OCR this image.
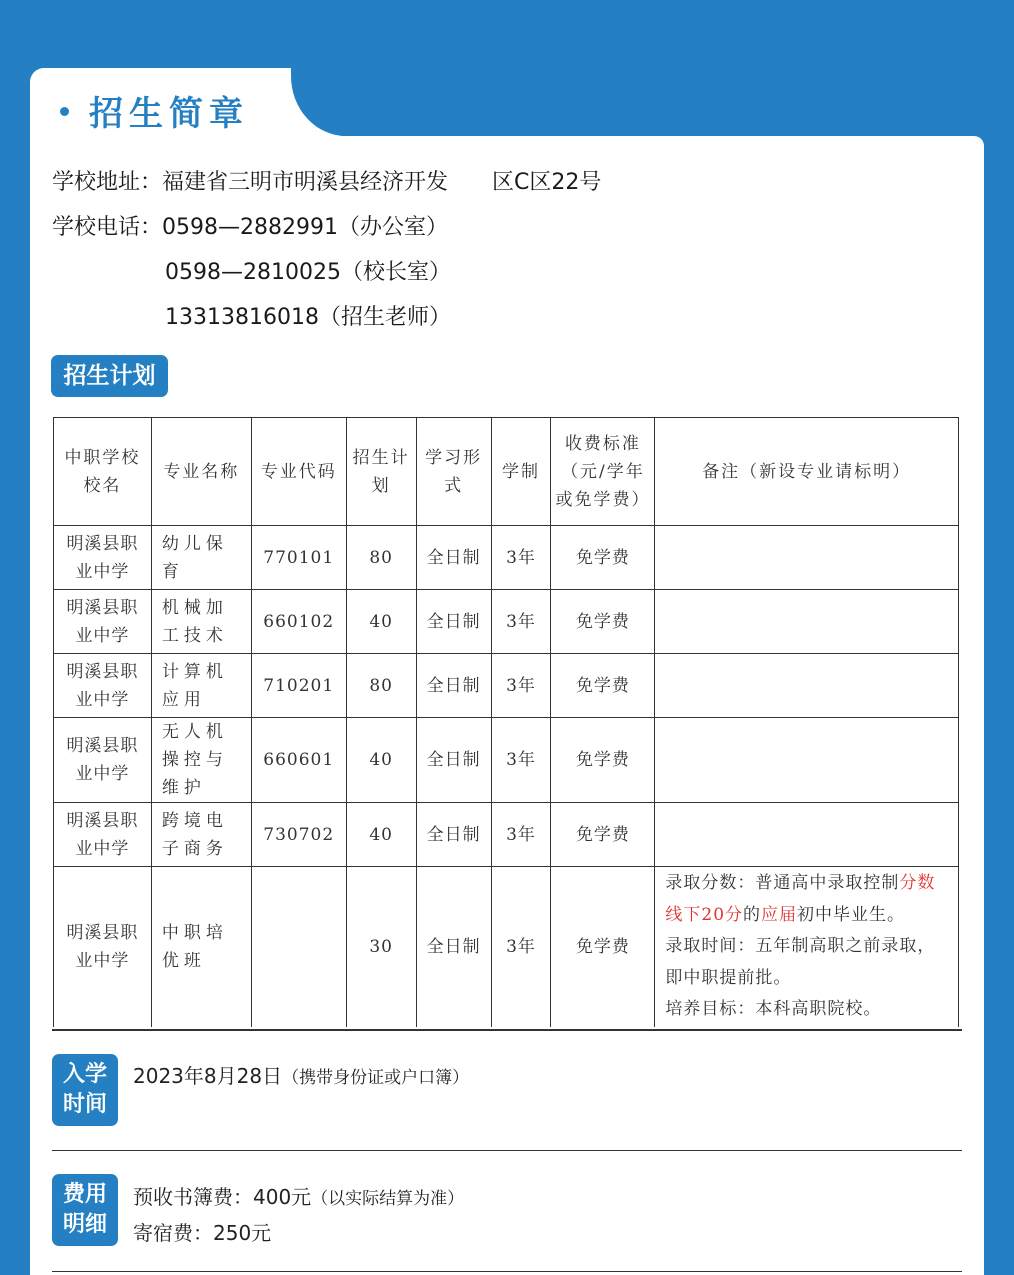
招生简章
学校地址：福建省三明市明溪县经济开发　　区C区22号
学校电话：0598—2882991（办公室）
0598—2810025（校长室）
13313816018（招生老师）
招生计划
中职学校校名	专业名称	专业代码	招生计划	学习形式	学制	收费标准（元/学年或免学费）	备注（新设专业请标明）
明溪县职业中学	幼儿保育	770101	80	全日制	3年	免学费	
明溪县职业中学	机械加工技术	660102	40	全日制	3年	免学费	
明溪县职业中学	计算机应用	710201	80	全日制	3年	免学费	
明溪县职业中学	无人机操控与维护	660601	40	全日制	3年	免学费	
明溪县职业中学	跨境电子商务	730702	40	全日制	3年	免学费	
明溪县职业中学	中职培优班		30	全日制	3年	免学费	录取分数：普通高中录取控制分数线下20分的应届初中毕业生。
录取时间：五年制高职之前录取，即中职提前批。
培养目标：本科高职院校。
入学
时间
2023年8月28日（携带身份证或户口簿）
费用
明细
预收书簿费：400元（以实际结算为准）
寄宿费：250元
